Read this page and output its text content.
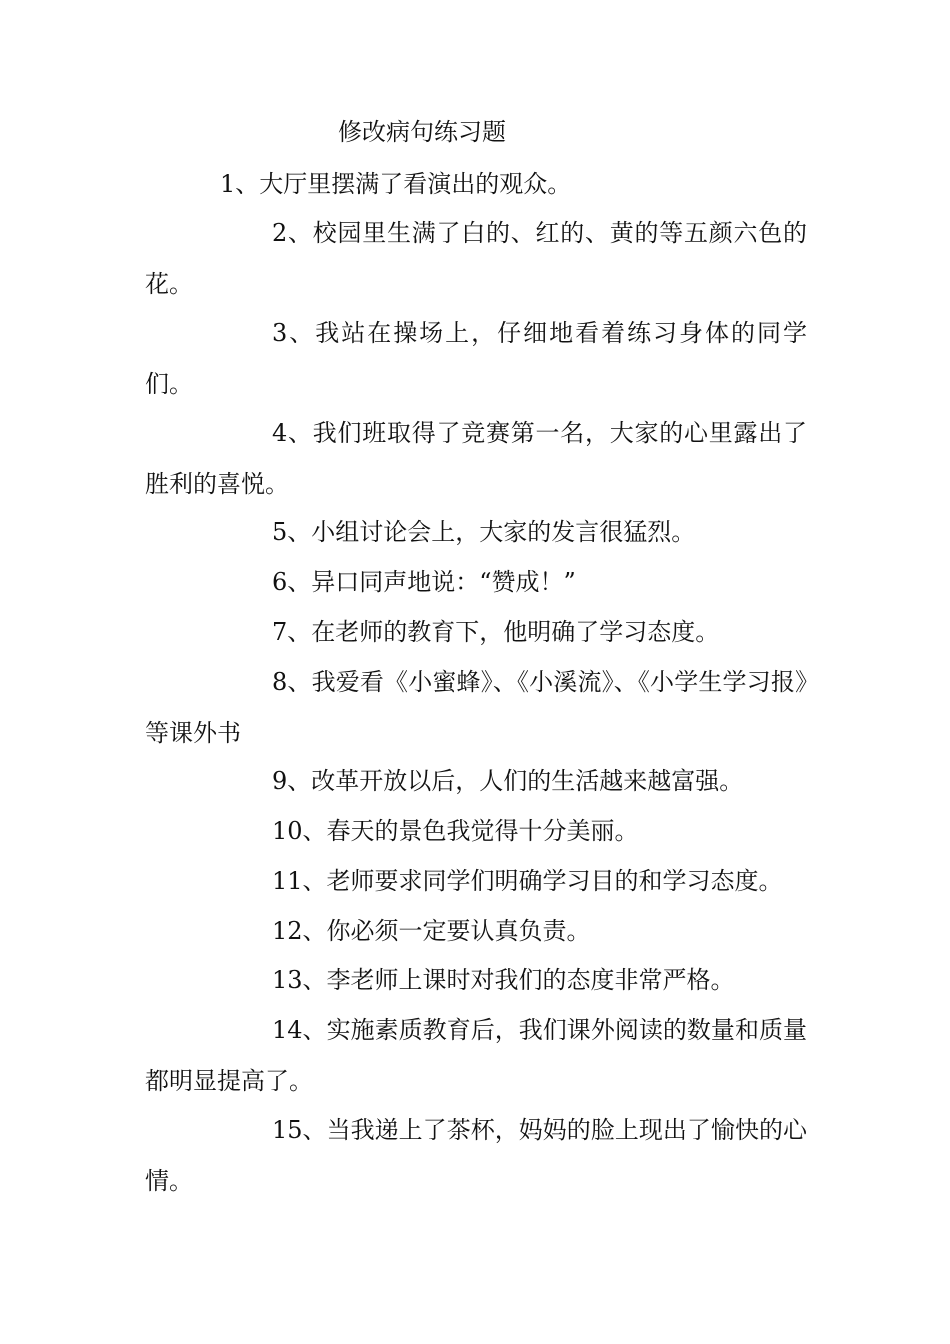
修改病句练习题
1、大厅里摆满了看演出的观众。
2、校园里生满了白的、红的、黄的等五颜六色的花。
3、我站在操场上，仔细地看着练习身体的同学们。
4、我们班取得了竞赛第一名，大家的心里露出了胜利的喜悦。
5、小组讨论会上，大家的发言很猛烈。
6、异口同声地说：“赞成！”
7、在老师的教育下，他明确了学习态度。
8、我爱看《小蜜蜂》、《小溪流》、《小学生学习报》等课外书
9、改革开放以后，人们的生活越来越富强。
10、春天的景色我觉得十分美丽。
11、老师要求同学们明确学习目的和学习态度。
12、你必须一定要认真负责。
13、李老师上课时对我们的态度非常严格。
14、实施素质教育后，我们课外阅读的数量和质量都明显提高了。
15、当我递上了茶杯，妈妈的脸上现出了愉快的心情。
